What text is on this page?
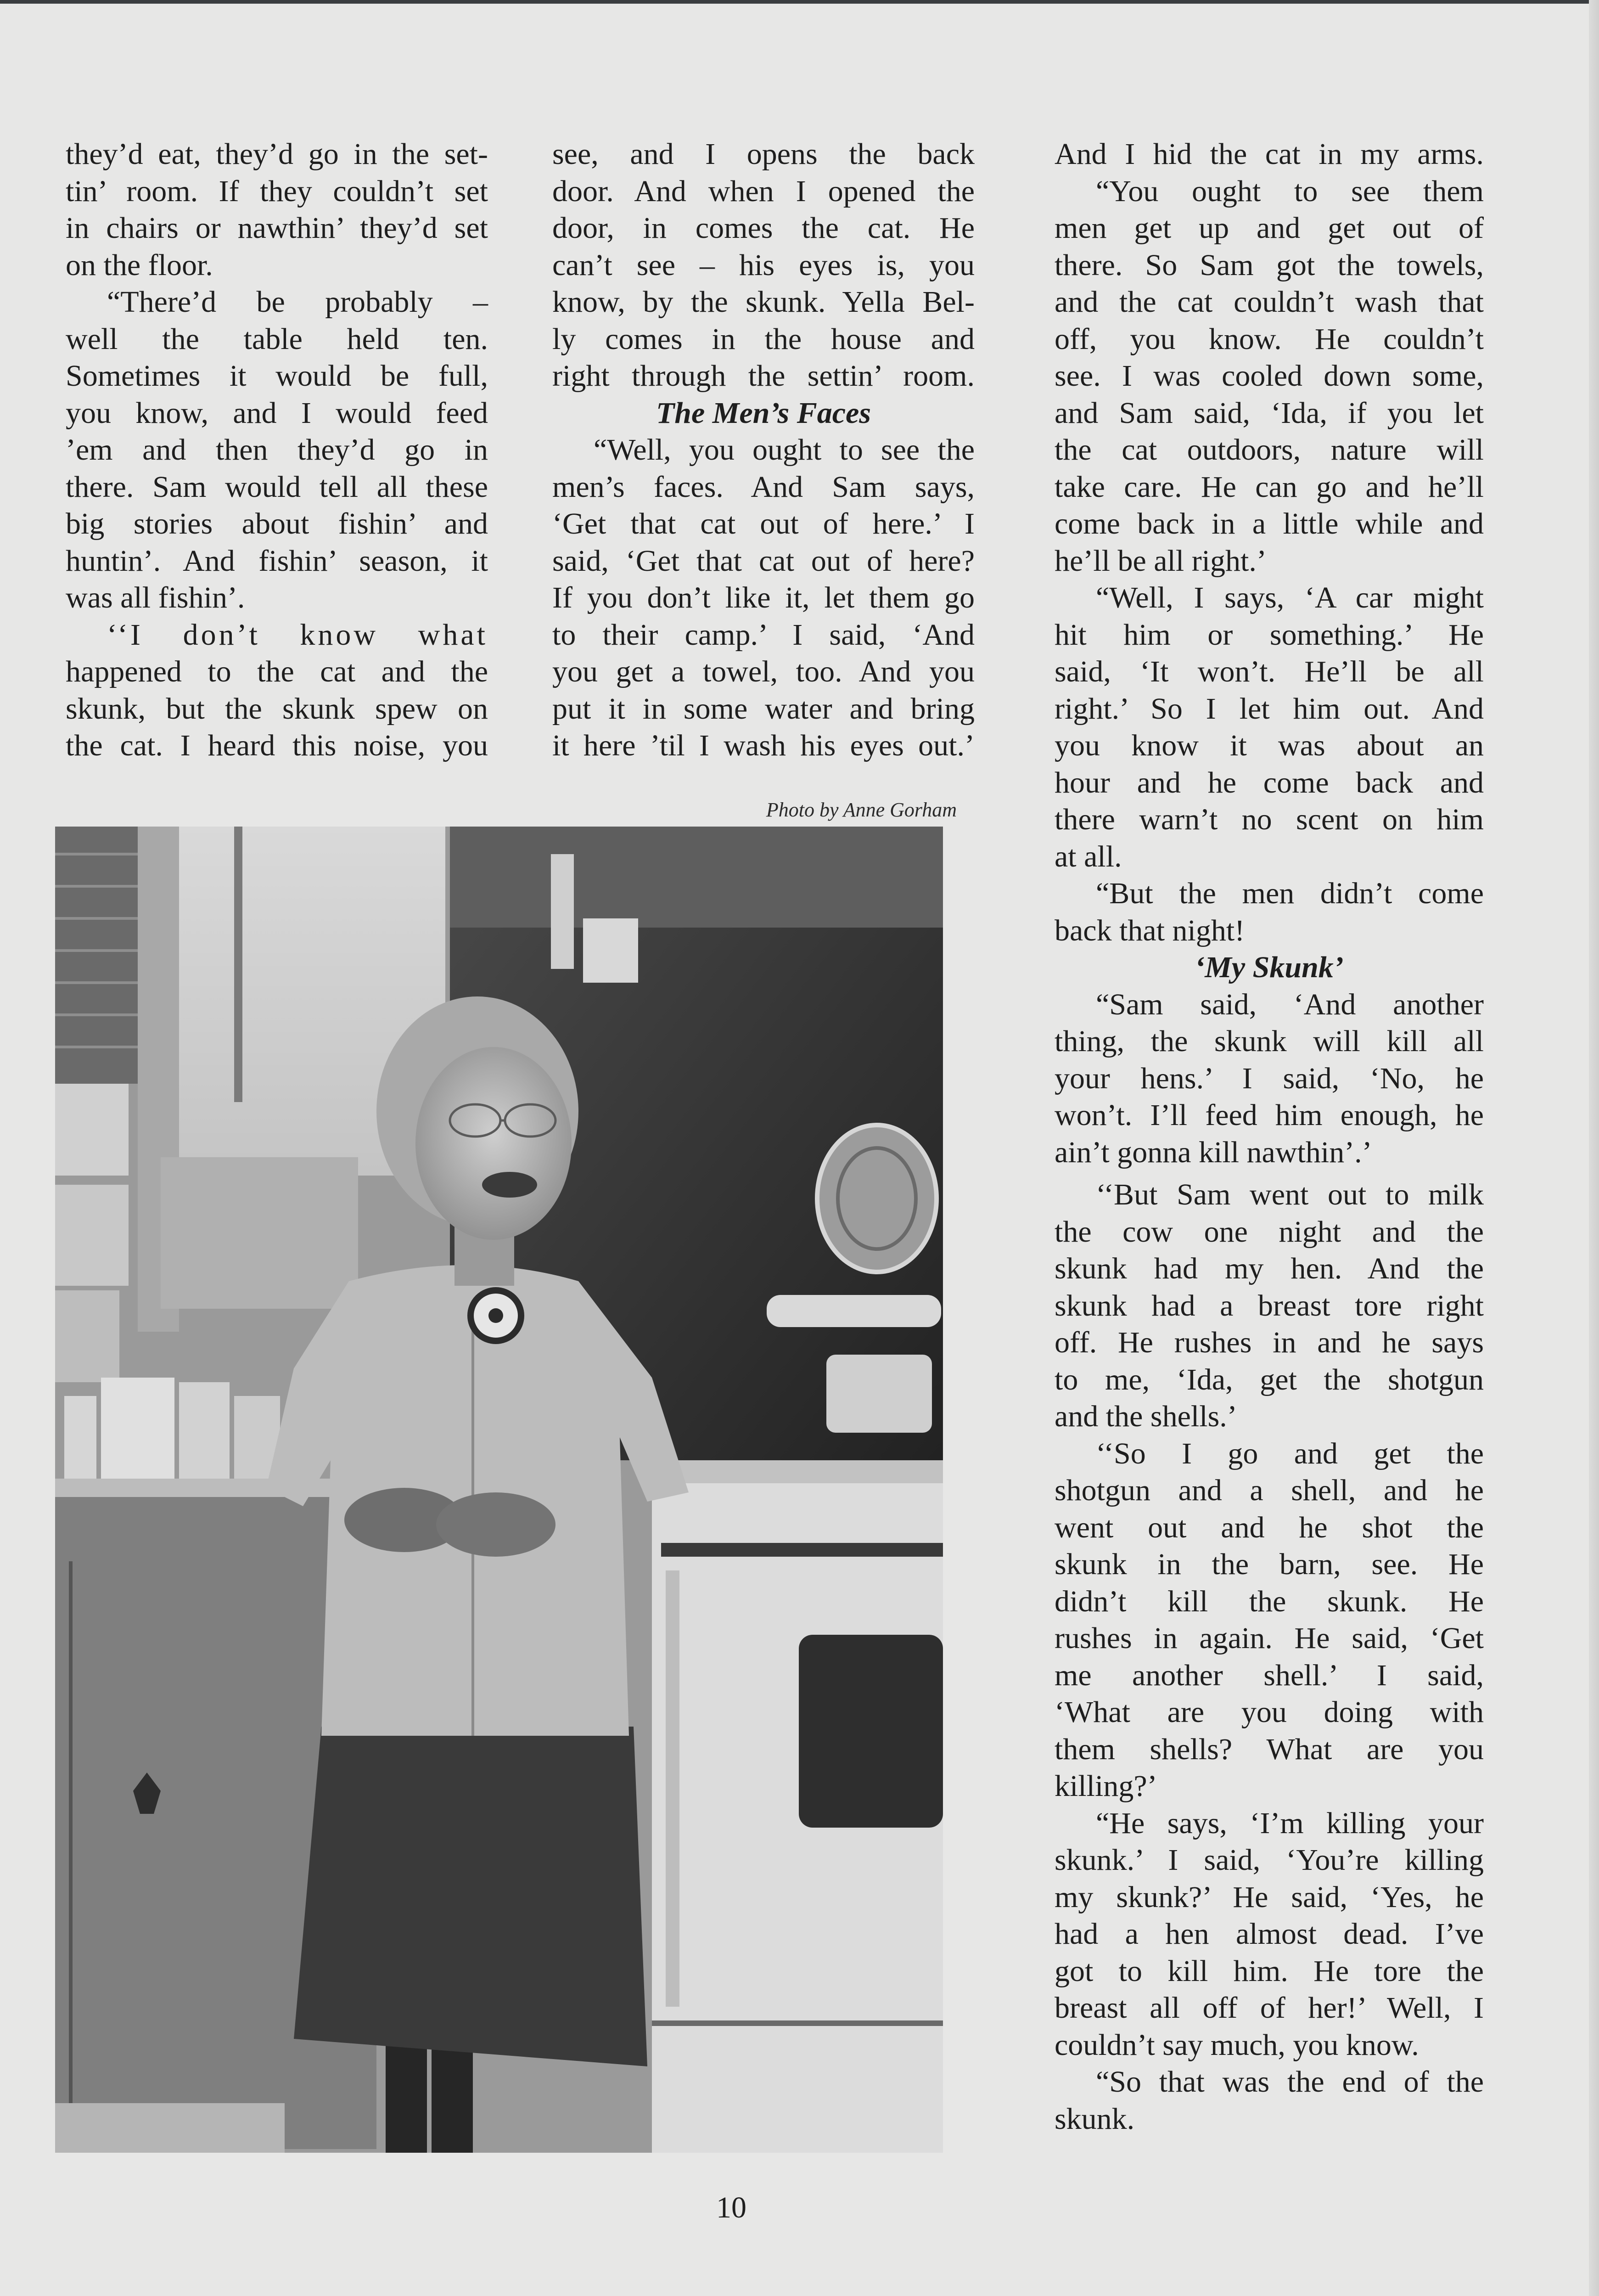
they’d eat, they’d go in the set-
tin’ room. If they couldn’t set
in chairs or nawthin’ they’d set
on the floor.
“There’d be probably –
well the table held ten.
Sometimes it would be full,
you know, and I would feed
’em and then they’d go in
there. Sam would tell all these
big stories about fishin’ and
huntin’. And fishin’ season, it
was all fishin’.
‘‘I don’t know what
happened to the cat and the
skunk, but the skunk spew on
the cat. I heard this noise, you
see, and I opens the back
door. And when I opened the
door, in comes the cat. He
can’t see – his eyes is, you
know, by the skunk. Yella Bel-
ly comes in the house and
right through the settin’ room.
The Men’s Faces
“Well, you ought to see the
men’s faces. And Sam says,
‘Get that cat out of here.’ I
said, ‘Get that cat out of here?
If you don’t like it, let them go
to their camp.’ I said, ‘And
you get a towel, too. And you
put it in some water and bring
it here ’til I wash his eyes out.’
And I hid the cat in my arms.
“You ought to see them
men get up and get out of
there. So Sam got the towels,
and the cat couldn’t wash that
off, you know. He couldn’t
see. I was cooled down some,
and Sam said, ‘Ida, if you let
the cat outdoors, nature will
take care. He can go and he’ll
come back in a little while and
he’ll be all right.’
“Well, I says, ‘A car might
hit him or something.’ He
said, ‘It won’t. He’ll be all
right.’ So I let him out. And
you know it was about an
hour and he come back and
there warn’t no scent on him
at all.
“But the men didn’t come
back that night!
‘My Skunk’
“Sam said, ‘And another
thing, the skunk will kill all
your hens.’ I said, ‘No, he
won’t. I’ll feed him enough, he
ain’t gonna kill nawthin’.’
‘‘But Sam went out to milk
the cow one night and the
skunk had my hen. And the
skunk had a breast tore right
off. He rushes in and he says
to me, ‘Ida, get the shotgun
and the shells.’
‘‘So I go and get the
shotgun and a shell, and he
went out and he shot the
skunk in the barn, see. He
didn’t kill the skunk. He
rushes in again. He said, ‘Get
me another shell.’ I said,
‘What are you doing with
them shells? What are you
killing?’
“He says, ‘I’m killing your
skunk.’ I said, ‘You’re killing
my skunk?’ He said, ‘Yes, he
had a hen almost dead. I’ve
got to kill him. He tore the
breast all off of her!’ Well, I
couldn’t say much, you know.
“So that was the end of the
skunk.
Photo by Anne Gorham
10
